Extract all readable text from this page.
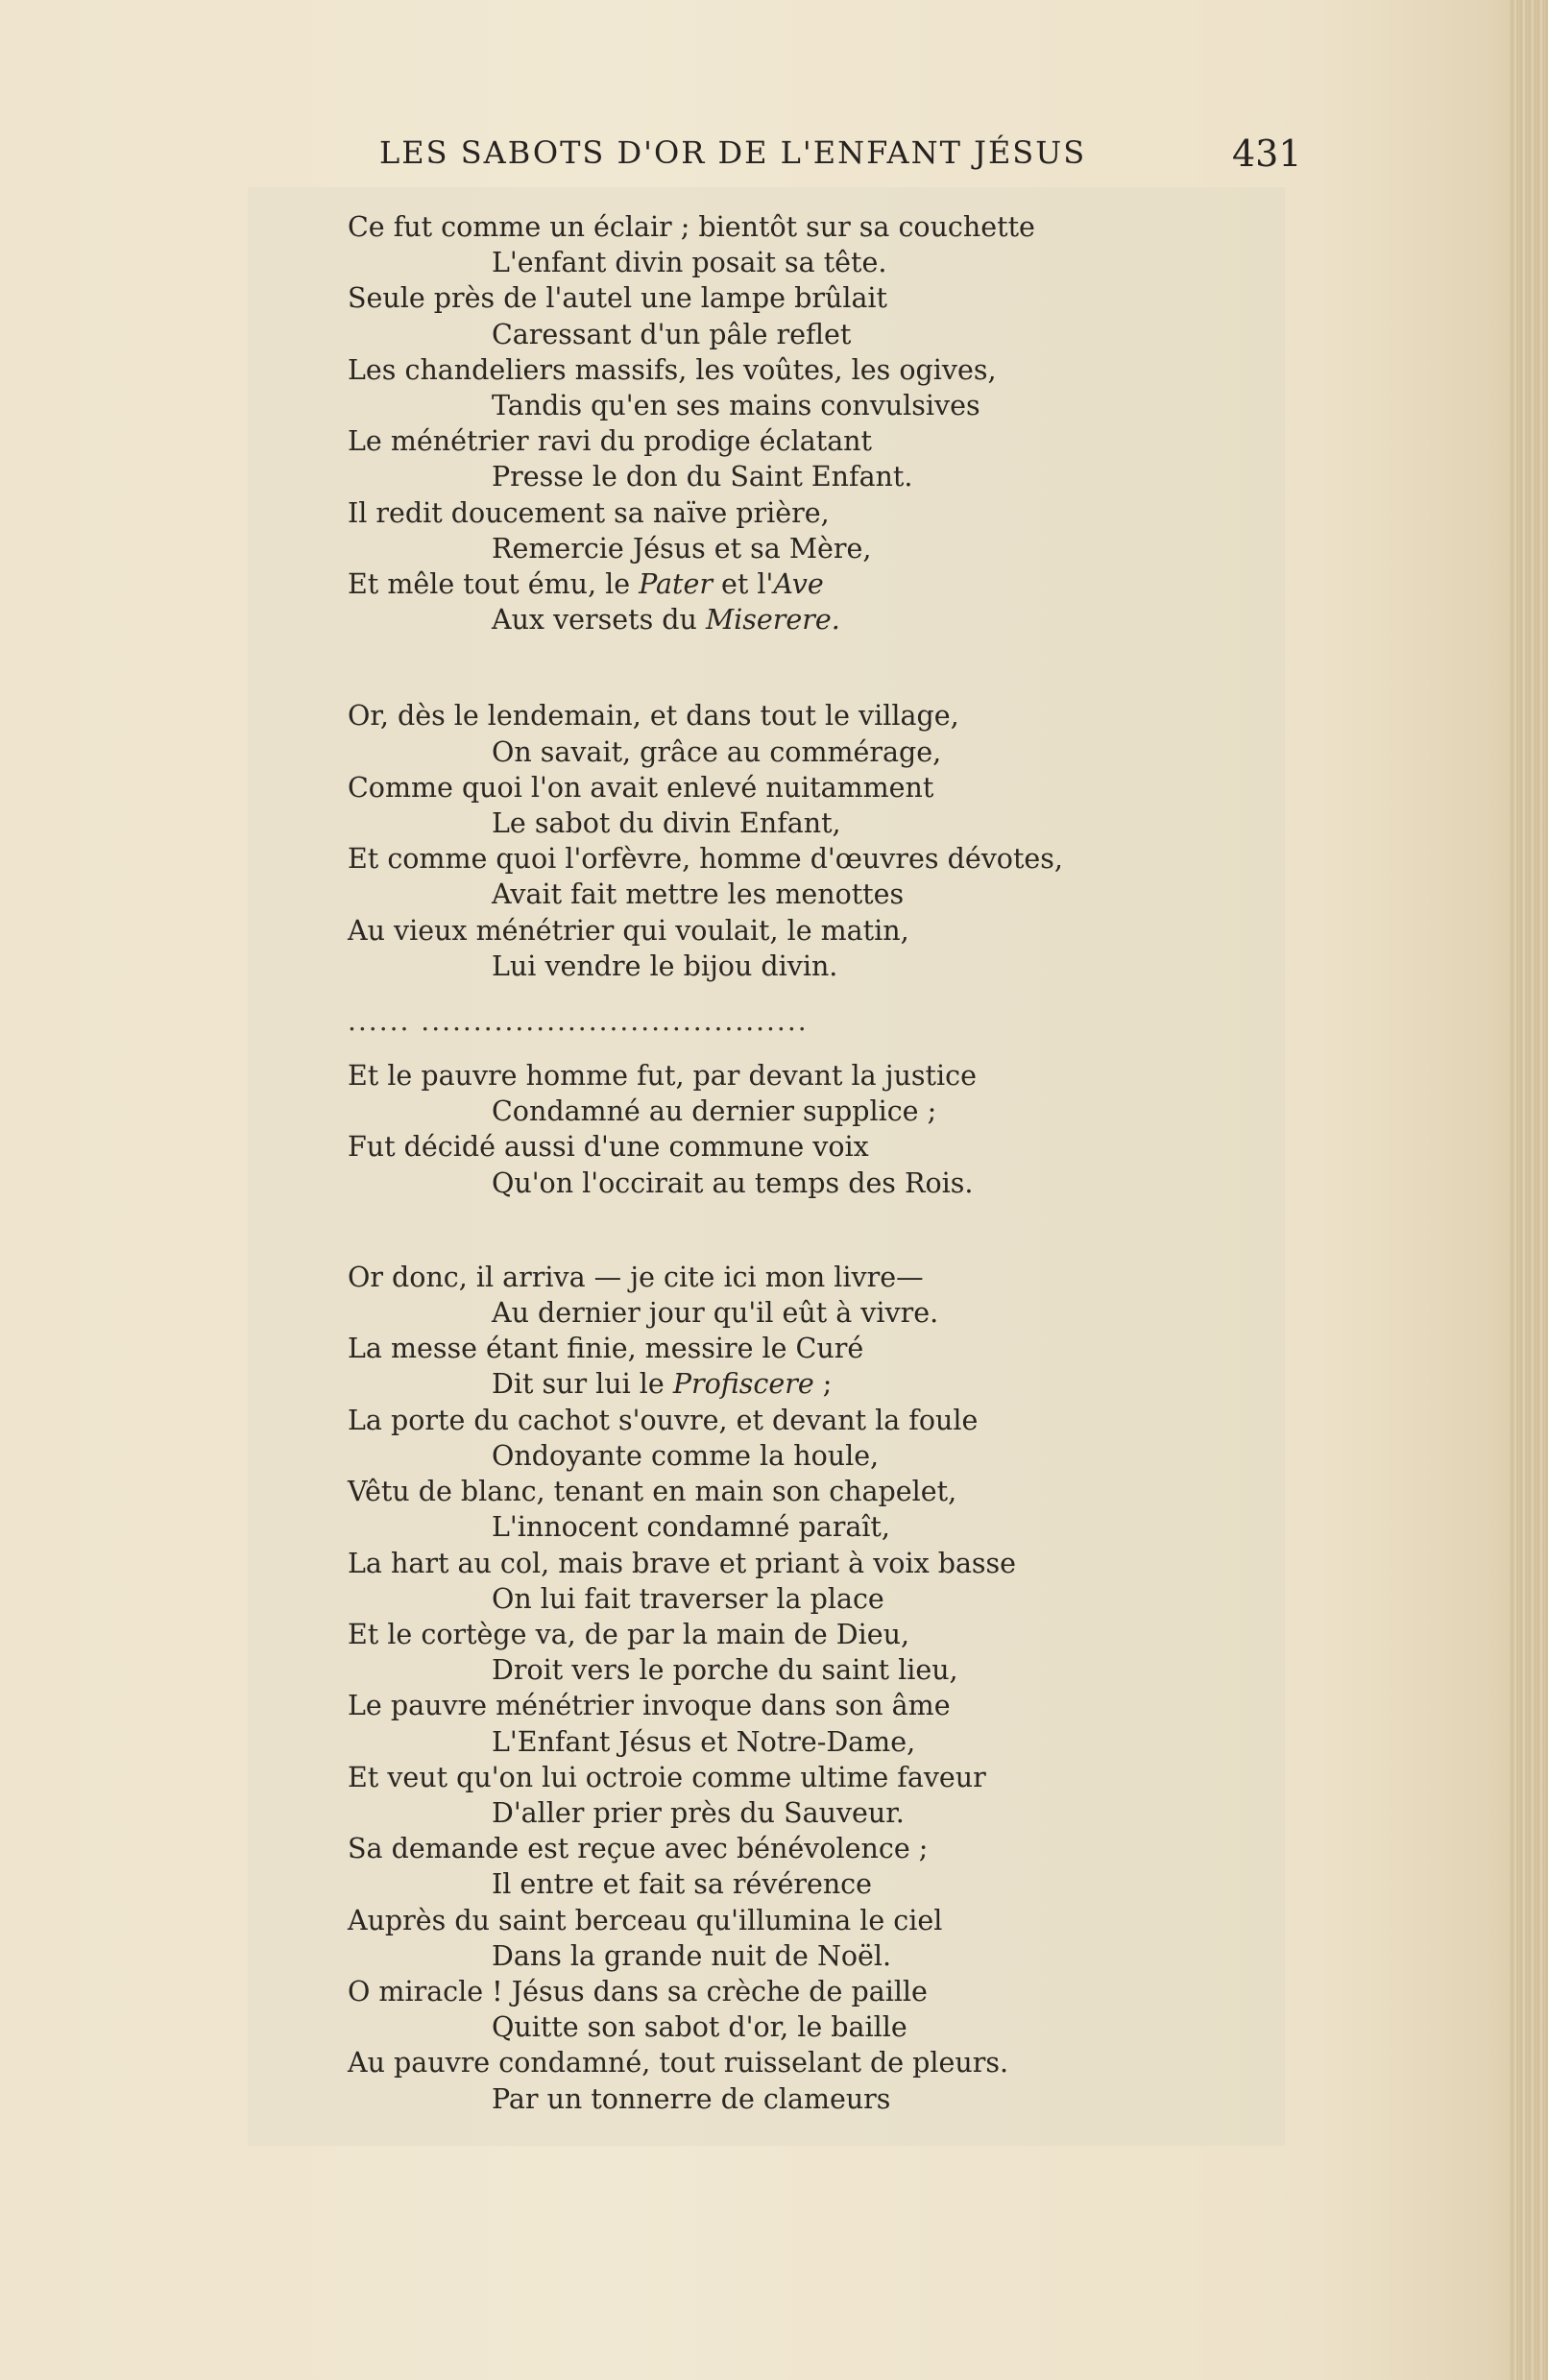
LES SABOTS D'OR DE L'ENFANT JÉSUS	431
Ce fut comme un éclair ; bientôt sur sa couchette
L'enfant divin posait sa tête.
Seule près de l'autel une lampe brûlait
Caressant d'un pâle reflet
Les chandeliers massifs, les voûtes, les ogives,
Tandis qu'en ses mains convulsives
Le ménétrier ravi du prodige éclatant
Presse le don du Saint Enfant.
Il redit doucement sa naïve prière,
Remercie Jésus et sa Mère,
Et mêle tout ému, le Pater et l'Ave
Aux versets du Miserere.
Or, dès le lendemain, et dans tout le village,
On savait, grâce au commérage,
Comme quoi l'on avait enlevé nuitamment
Le sabot du divin Enfant,
Et comme quoi l'orfèvre, homme d'œuvres dévotes,
Avait fait mettre les menottes
Au vieux ménétrier qui voulait, le matin,
Lui vendre le bijou divin.
...... .....................................
Et le pauvre homme fut, par devant la justice
Condamné au dernier supplice ;
Fut décidé aussi d'une commune voix
Qu'on l'occirait au temps des Rois.
Or donc, il arriva — je cite ici mon livre—
Au dernier jour qu'il eût à vivre.
La messe étant finie, messire le Curé
Dit sur lui le Profiscere ;
La porte du cachot s'ouvre, et devant la foule
Ondoyante comme la houle,
Vêtu de blanc, tenant en main son chapelet,
L'innocent condamné paraît,
La hart au col, mais brave et priant à voix basse
On lui fait traverser la place
Et le cortège va, de par la main de Dieu,
Droit vers le porche du saint lieu,
Le pauvre ménétrier invoque dans son âme
L'Enfant Jésus et Notre-Dame,
Et veut qu'on lui octroie comme ultime faveur
D'aller prier près du Sauveur.
Sa demande est reçue avec bénévolence ;
Il entre et fait sa révérence
Auprès du saint berceau qu'illumina le ciel
Dans la grande nuit de Noël.
O miracle ! Jésus dans sa crèche de paille
Quitte son sabot d'or, le baille
Au pauvre condamné, tout ruisselant de pleurs.
Par un tonnerre de clameurs
